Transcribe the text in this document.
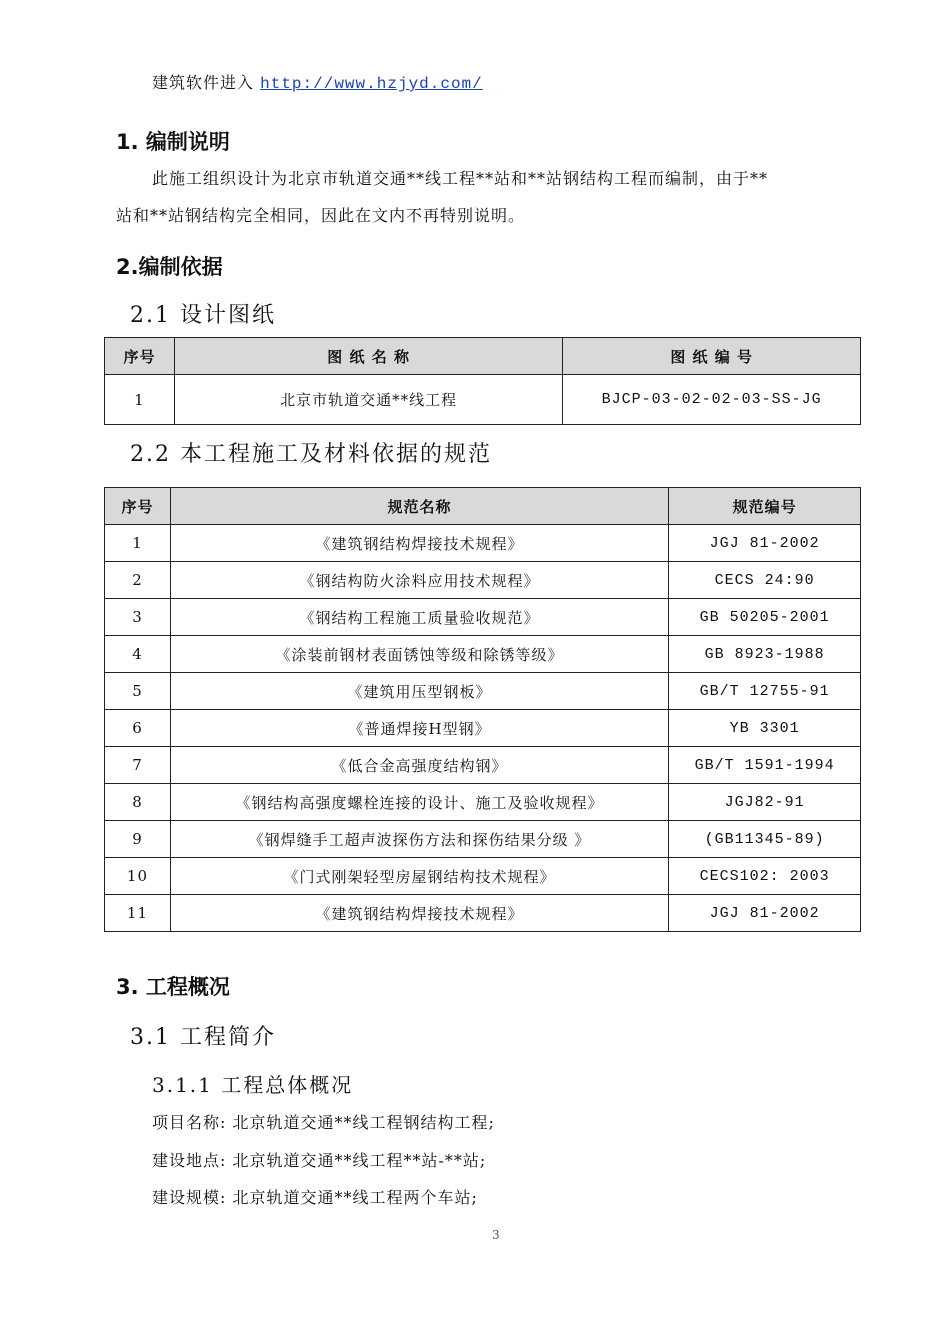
建筑软件进入 http://www.hzjyd.com/
1. 编制说明
此施工组织设计为北京市轨道交通**线工程**站和**站钢结构工程而编制，由于**
站和**站钢结构完全相同，因此在文内不再特别说明。
2.编制依据
2.1 设计图纸
序号	图 纸 名 称	图 纸 编 号
1	北京市轨道交通**线工程	BJCP-03-02-02-03-SS-JG
2.2 本工程施工及材料依据的规范
序号	规范名称	规范编号
1	《建筑钢结构焊接技术规程》	JGJ 81-2002
2	《钢结构防火涂料应用技术规程》	CECS 24:90
3	《钢结构工程施工质量验收规范》	GB 50205-2001
4	《涂装前钢材表面锈蚀等级和除锈等级》	GB 8923-1988
5	《建筑用压型钢板》	GB/T 12755-91
6	《普通焊接H型钢》	YB 3301
7	《低合金高强度结构钢》	GB/T 1591-1994
8	《钢结构高强度螺栓连接的设计、施工及验收规程》	JGJ82-91
9	《钢焊缝手工超声波探伤方法和探伤结果分级 》	(GB11345-89)
10	《门式刚架轻型房屋钢结构技术规程》	CECS102: 2003
11	《建筑钢结构焊接技术规程》	JGJ 81-2002
3. 工程概况
3.1 工程简介
3.1.1 工程总体概况
项目名称: 北京轨道交通**线工程钢结构工程;
建设地点: 北京轨道交通**线工程**站-**站;
建设规模: 北京轨道交通**线工程两个车站;
3
